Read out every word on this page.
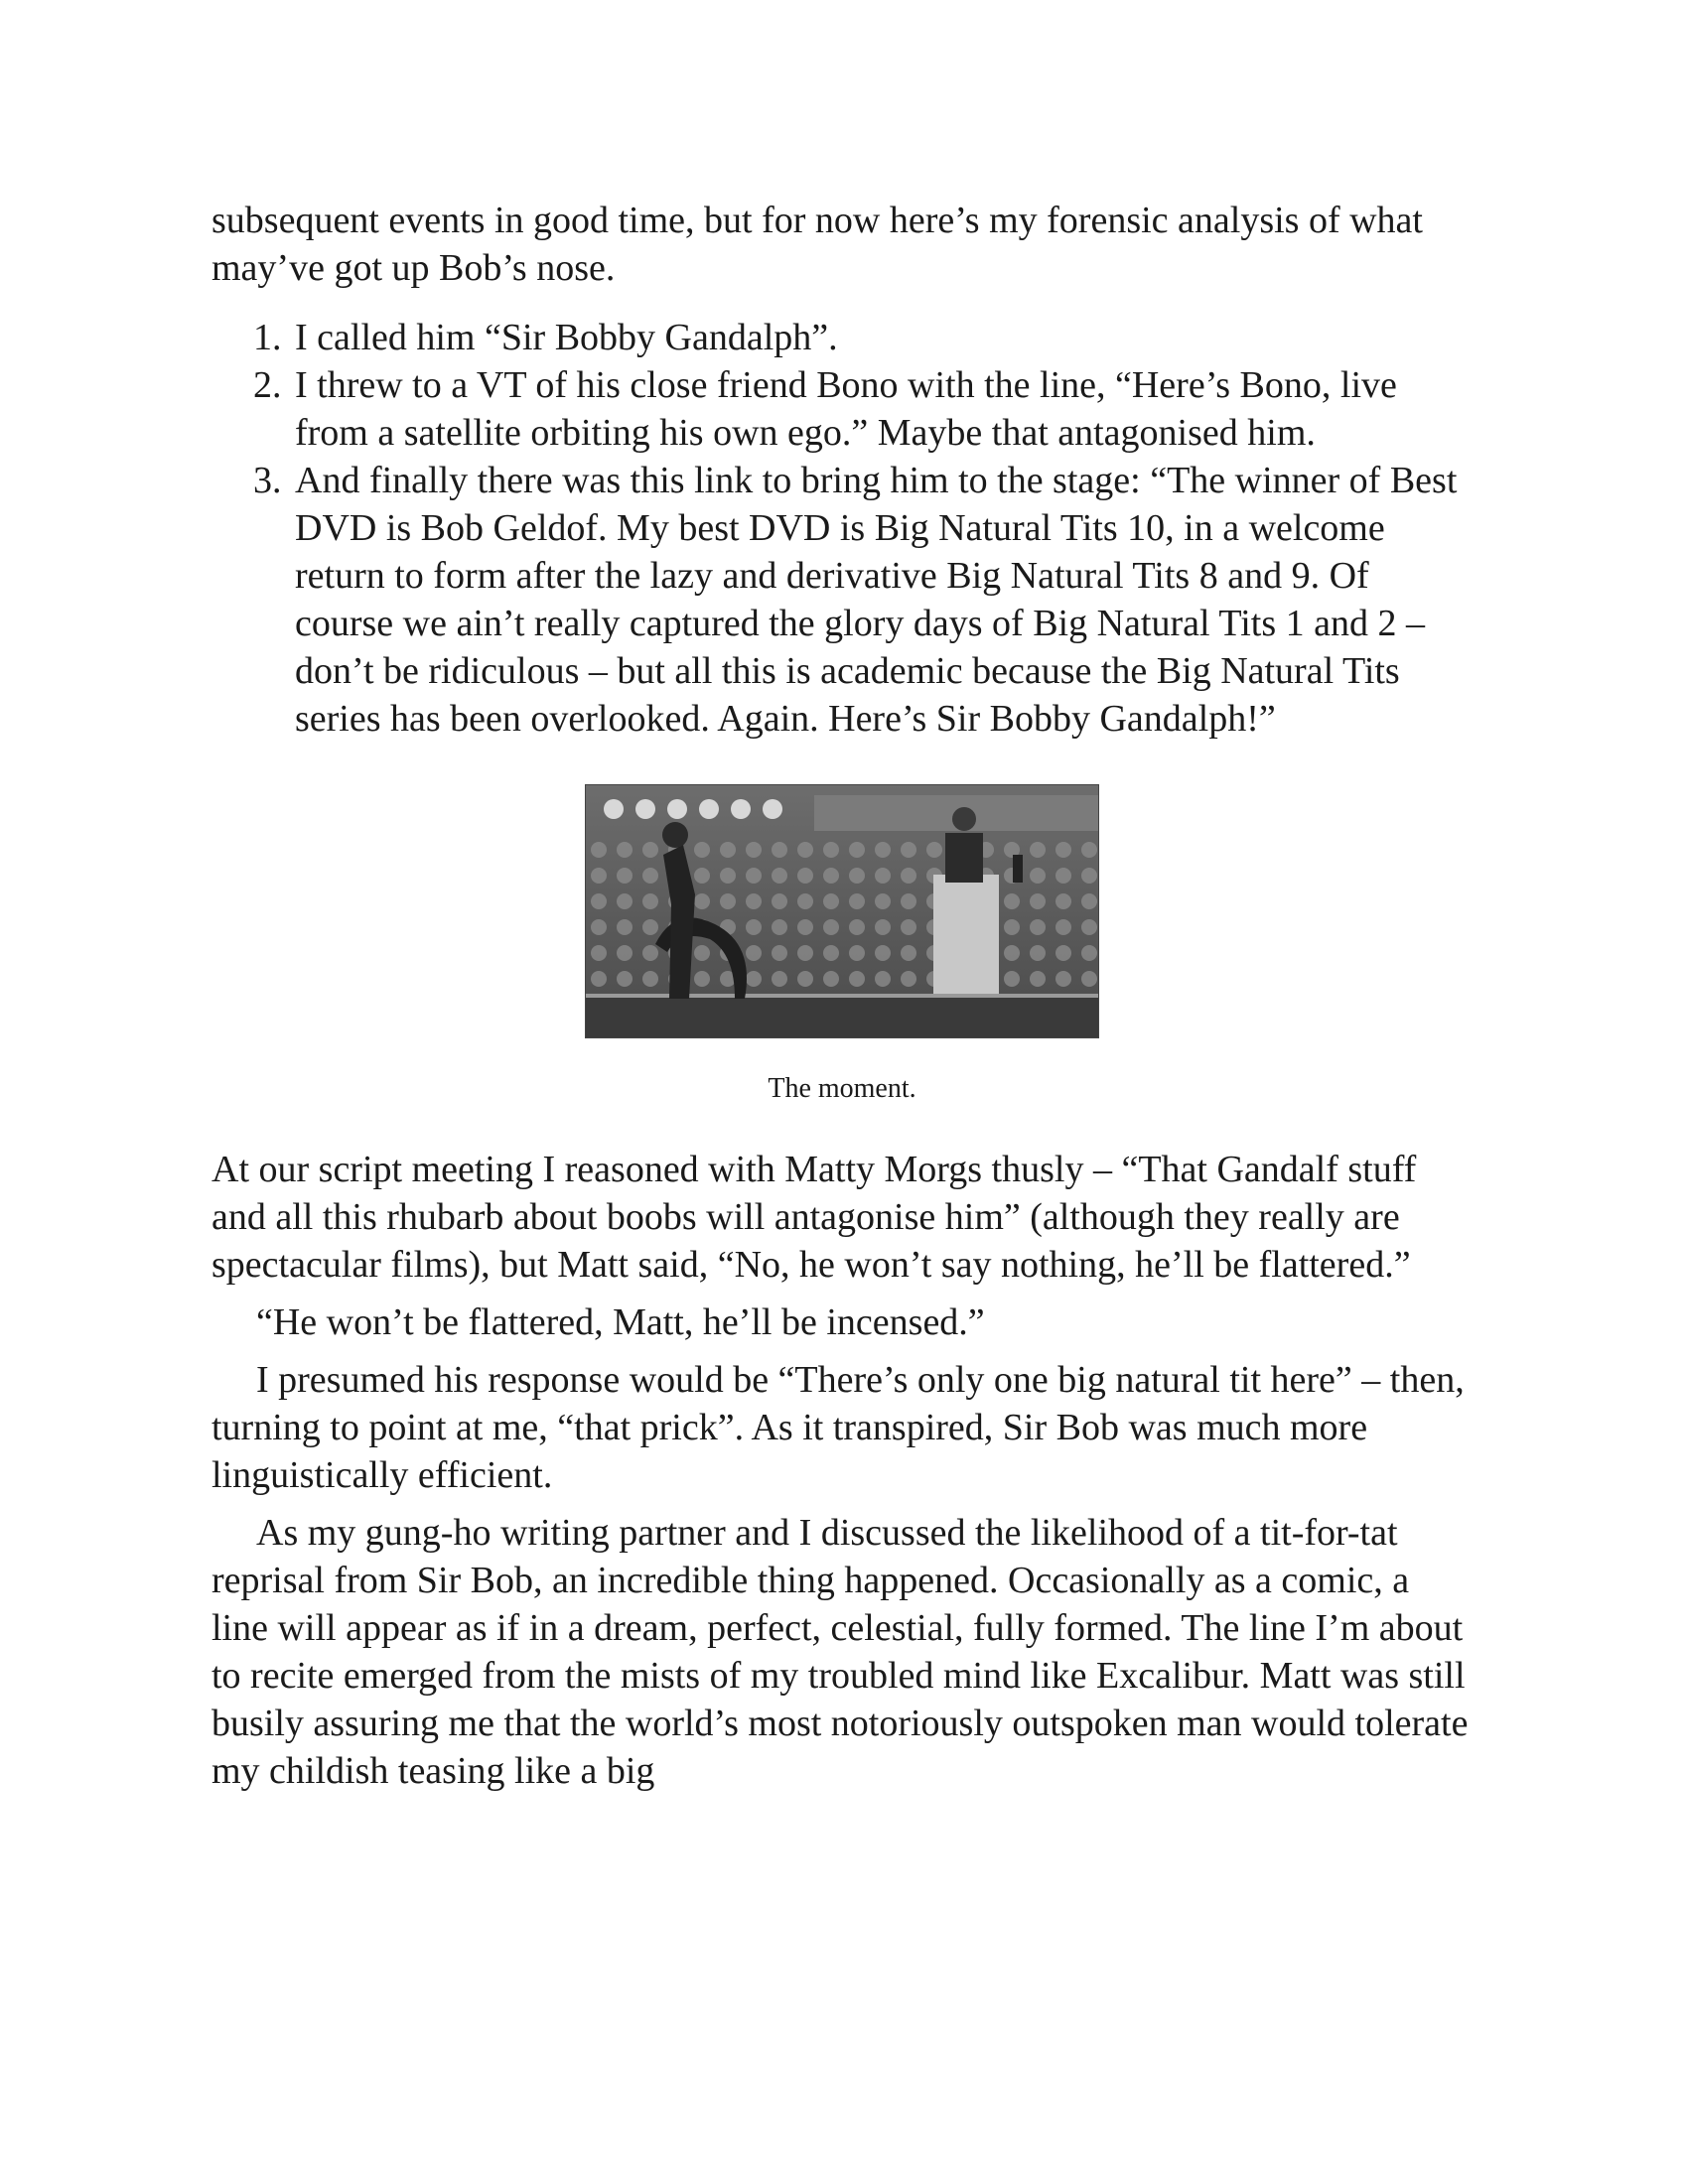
subsequent events in good time, but for now here’s my forensic analysis of what may’ve got up Bob’s nose.

1. I called him “Sir Bobby Gandalph”.
2. I threw to a VT of his close friend Bono with the line, “Here’s Bono, live from a satellite orbiting his own ego.” Maybe that antagonised him.
3. And finally there was this link to bring him to the stage: “The winner of Best DVD is Bob Geldof. My best DVD is Big Natural Tits 10, in a welcome return to form after the lazy and derivative Big Natural Tits 8 and 9. Of course we ain’t really captured the glory days of Big Natural Tits 1 and 2 – don’t be ridiculous – but all this is academic because the Big Natural Tits series has been overlooked. Again. Here’s Sir Bobby Gandalph!”

The moment.

At our script meeting I reasoned with Matty Morgs thusly – “That Gandalf stuff and all this rhubarb about boobs will antagonise him” (although they really are spectacular films), but Matt said, “No, he won’t say nothing, he’ll be flattered.”

“He won’t be flattered, Matt, he’ll be incensed.”

I presumed his response would be “There’s only one big natural tit here” – then, turning to point at me, “that prick”. As it transpired, Sir Bob was much more linguistically efficient.

As my gung-ho writing partner and I discussed the likelihood of a tit-for-tat reprisal from Sir Bob, an incredible thing happened. Occasionally as a comic, a line will appear as if in a dream, perfect, celestial, fully formed. The line I’m about to recite emerged from the mists of my troubled mind like Excalibur. Matt was still busily assuring me that the world’s most notoriously outspoken man would tolerate my childish teasing like a big
